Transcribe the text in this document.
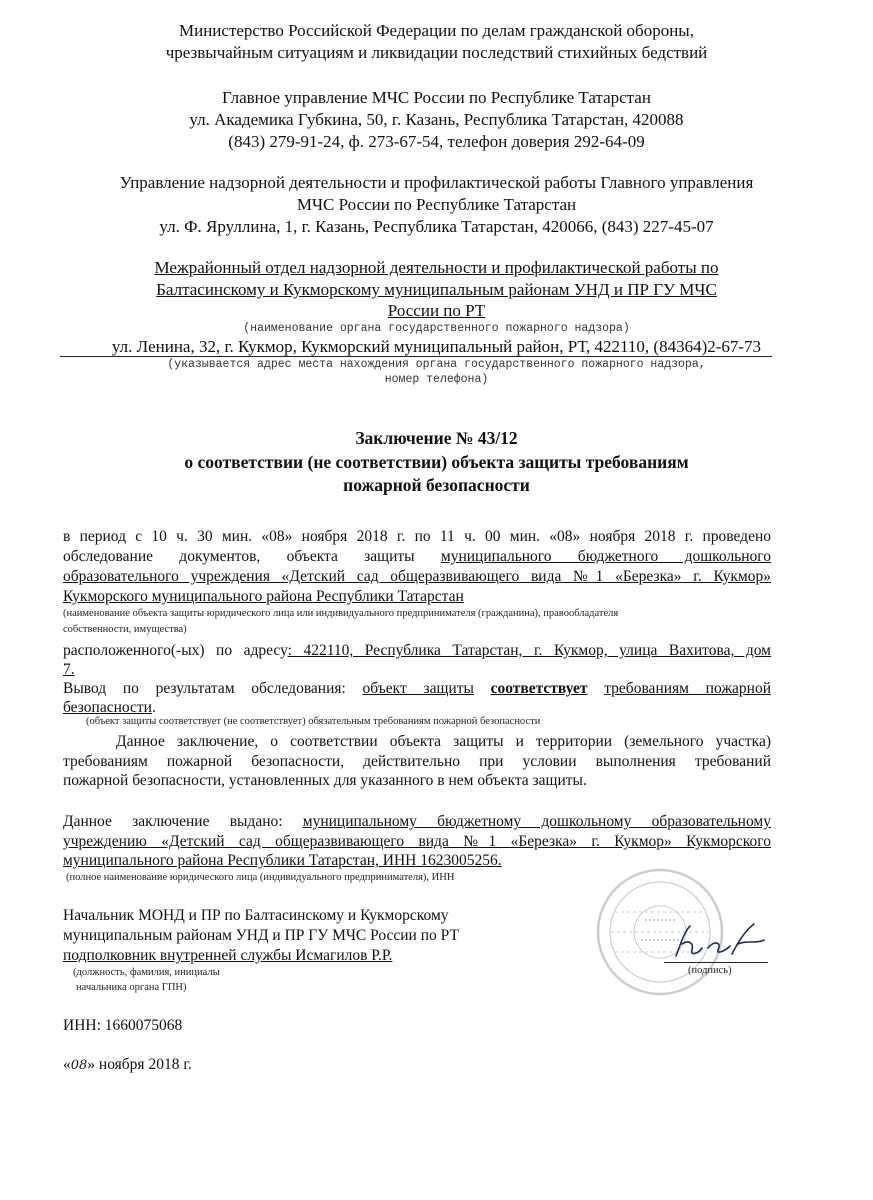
Министерство Российской Федерации по делам гражданской обороны,
чрезвычайным ситуациям и ликвидации последствий стихийных бедствий
Главное управление МЧС России по Республике Татарстан
ул. Академика Губкина, 50, г. Казань, Республика Татарстан, 420088
(843) 279-91-24, ф. 273-67-54, телефон доверия 292-64-09
Управление надзорной деятельности и профилактической работы Главного управления
МЧС России по Республике Татарстан
ул. Ф. Яруллина, 1, г. Казань, Республика Татарстан, 420066, (843) 227-45-07
Межрайонный отдел надзорной деятельности и профилактической работы по
Балтасинскому и Кукморскому муниципальным районам УНД и ПР ГУ МЧС
России по РТ
(наименование органа государственного пожарного надзора)
ул. Ленина, 32, г. Кукмор, Кукморский муниципальный район, РТ, 422110, (84364)2-67-73
(указывается адрес места нахождения органа государственного пожарного надзора,
номер телефона)
Заключение № 43/12
о соответствии (не соответствии) объекта защиты требованиям
пожарной безопасности
в период с 10 ч. 30 мин. «08» ноября 2018 г. по 11 ч. 00 мин. «08» ноября 2018 г. проведено
обследование документов, объекта защиты муниципального бюджетного дошкольного
образовательного учреждения «Детский сад общеразвивающего вида №1 «Березка» г. Кукмор»
Кукморского муниципального района Республики Татарстан
(наименование объекта защиты юридического лица или индивидуального предпринимателя (гражданина), правообладателя
собственности, имущества)
расположенного(-ых) по адресу: 422110, Республика Татарстан, г. Кукмор, улица Вахитова, дом
7.
Вывод по результатам обследования: объект защиты соответствует требованиям пожарной
безопасности.
(объект защиты соответствует (не соответствует) обязательным требованиям пожарной безопасности
Данное заключение, о соответствии объекта защиты и территории (земельного участка)
требованиям пожарной безопасности, действительно при условии выполнения требований
пожарной безопасности, установленных для указанного в нем объекта защиты.
Данное заключение выдано: муниципальному бюджетному дошкольному образовательному
учреждению «Детский сад общеразвивающего вида №1 «Березка» г. Кукмор» Кукморского
муниципального района Республики Татарстан, ИНН 1623005256.
(полное наименование юридического лица (индивидуального предпринимателя), ИНН
Начальник МОНД и ПР по Балтасинскому и Кукморскому
муниципальным районам УНД и ПР ГУ МЧС России по РТ
подполковник внутренней службы Исмагилов Р.Р.
(должность, фамилия, инициалы
начальника органа ГПН)
(подпись)
ИНН: 1660075068
«08» ноября 2018 г.
